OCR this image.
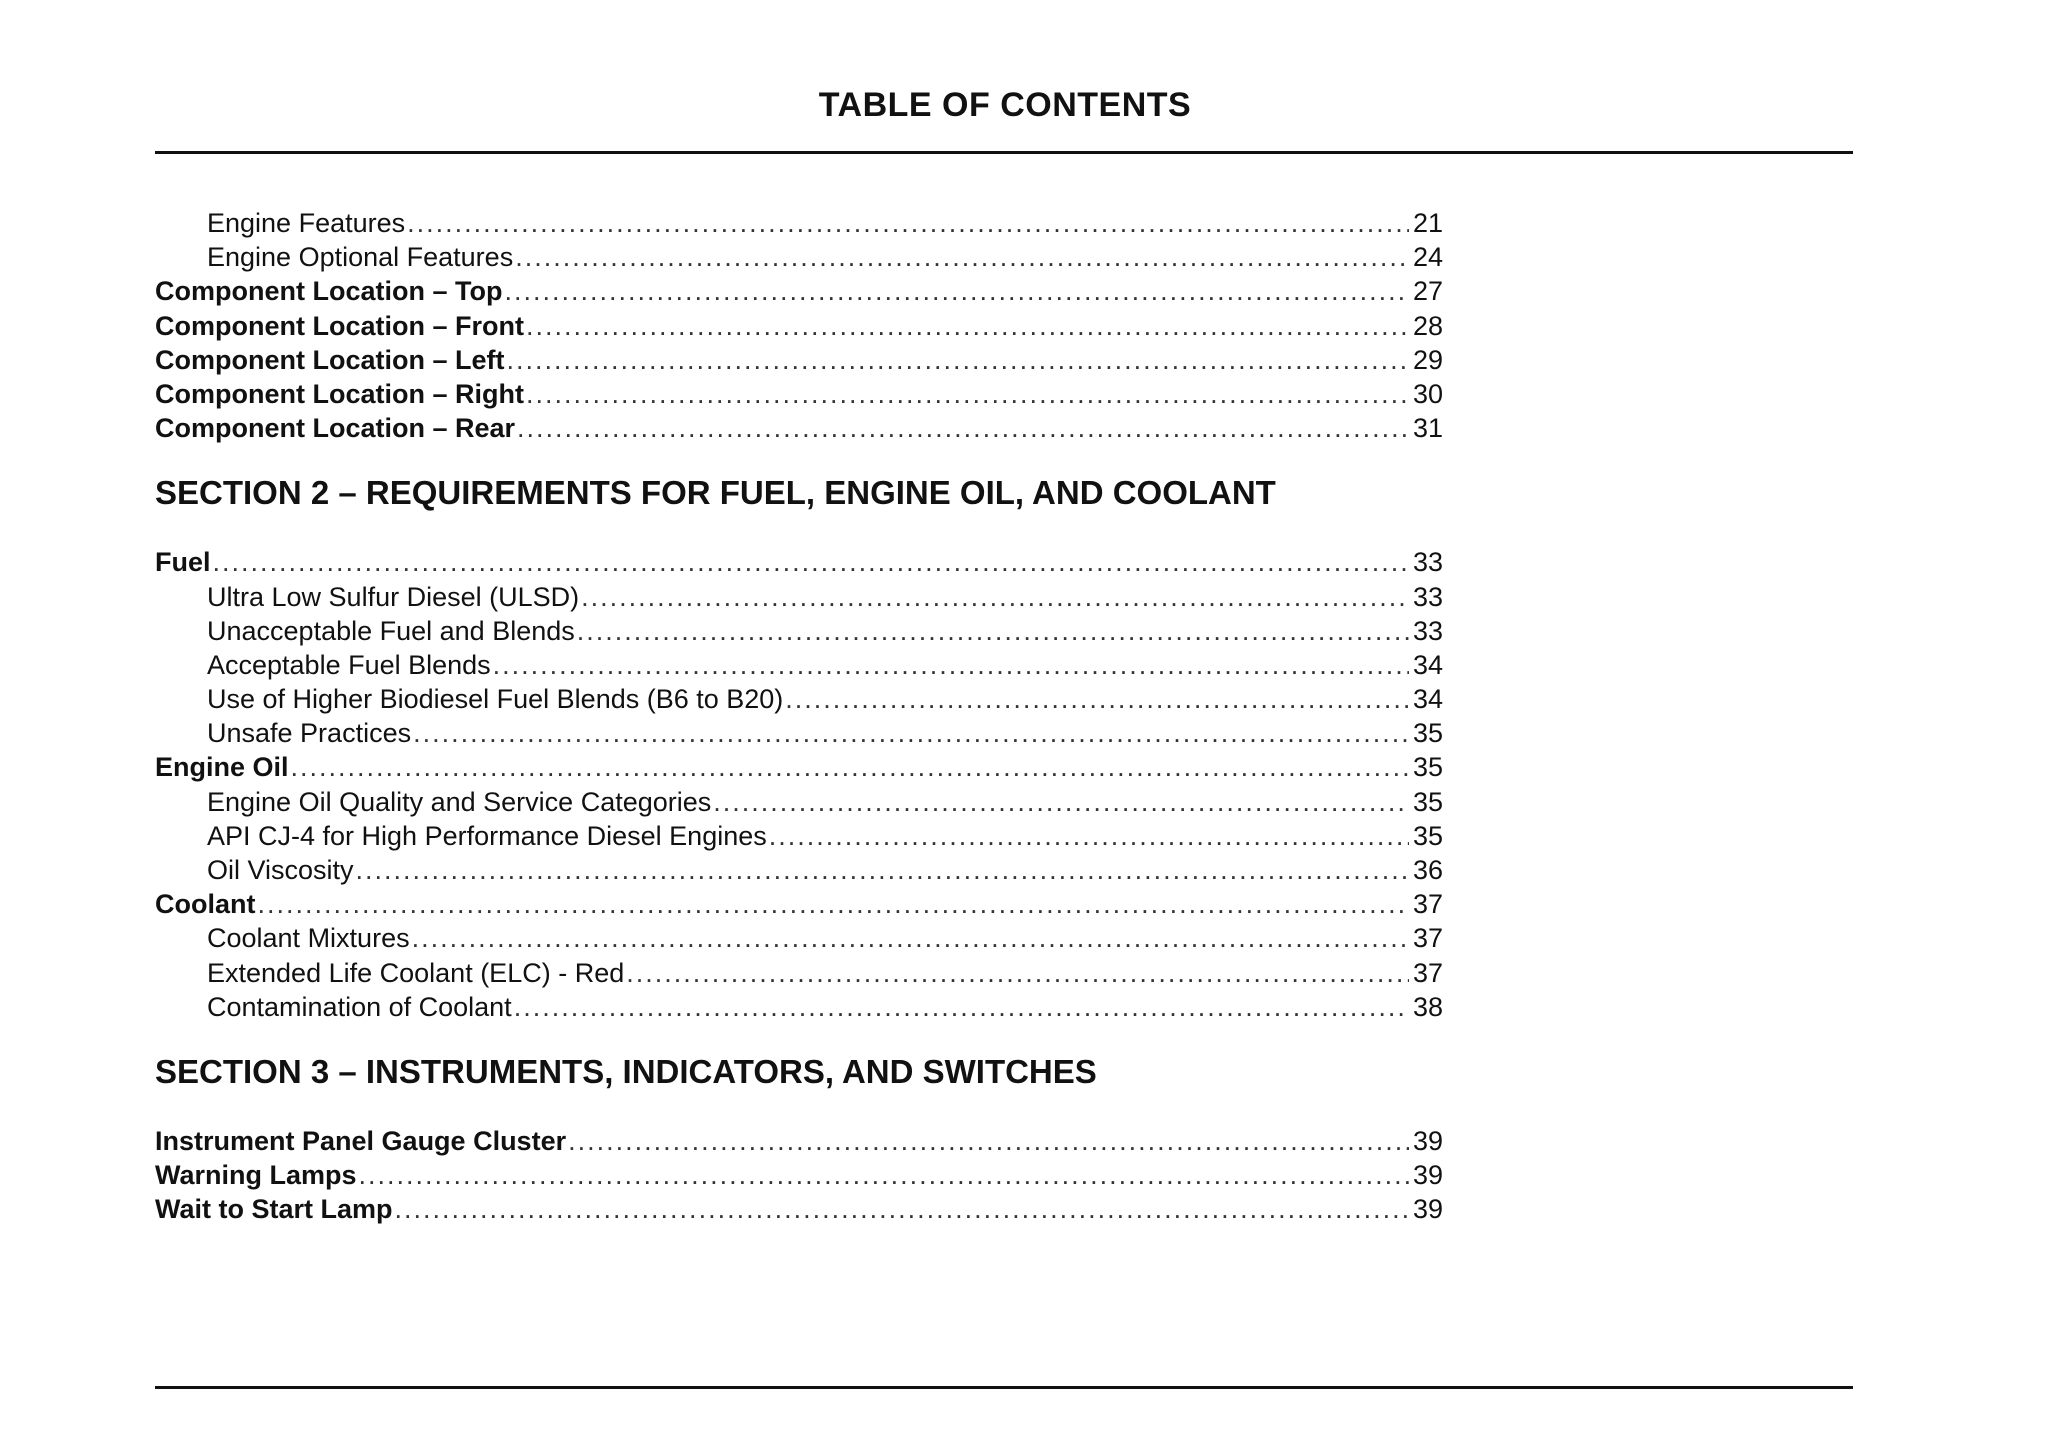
TABLE OF CONTENTS
Engine Features .....	21
Engine Optional Features .....	24
Component Location – Top .....	27
Component Location – Front .....	28
Component Location – Left .....	29
Component Location – Right .....	30
Component Location – Rear .....	31
SECTION 2 – REQUIREMENTS FOR FUEL, ENGINE OIL, AND COOLANT
Fuel .....	33
Ultra Low Sulfur Diesel (ULSD) .....	33
Unacceptable Fuel and Blends .....	33
Acceptable Fuel Blends .....	34
Use of Higher Biodiesel Fuel Blends (B6 to B20) .....	34
Unsafe Practices .....	35
Engine Oil .....	35
Engine Oil Quality and Service Categories .....	35
API CJ-4 for High Performance Diesel Engines .....	35
Oil Viscosity .....	36
Coolant .....	37
Coolant Mixtures .....	37
Extended Life Coolant (ELC) - Red .....	37
Contamination of Coolant .....	38
SECTION 3 – INSTRUMENTS, INDICATORS, AND SWITCHES
Instrument Panel Gauge Cluster .....	39
Warning Lamps .....	39
Wait to Start Lamp .....	39
